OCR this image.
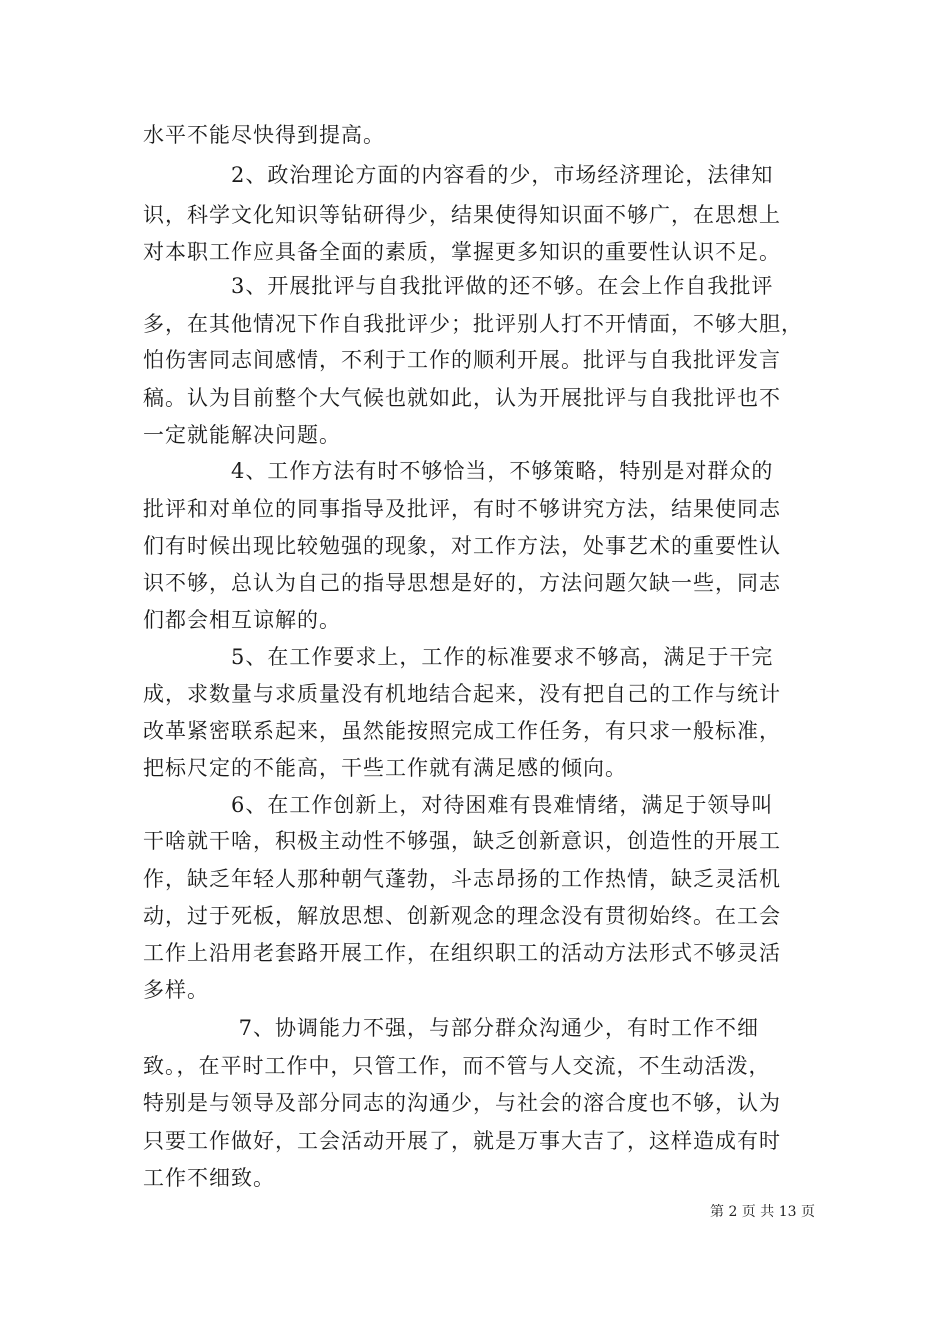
水平不能尽快得到提高。
　　　　2、政治理论方面的内容看的少，市场经济理论，法律知
识，科学文化知识等钻研得少，结果使得知识面不够广，在思想上
对本职工作应具备全面的素质，掌握更多知识的重要性认识不足。
　　　　3、开展批评与自我批评做的还不够。在会上作自我批评
多，在其他情况下作自我批评少；批评别人打不开情面，不够大胆，
怕伤害同志间感情，不利于工作的顺利开展。批评与自我批评发言
稿。认为目前整个大气候也就如此，认为开展批评与自我批评也不
一定就能解决问题。
　　　　4、工作方法有时不够恰当，不够策略，特别是对群众的
批评和对单位的同事指导及批评，有时不够讲究方法，结果使同志
们有时候出现比较勉强的现象，对工作方法，处事艺术的重要性认
识不够，总认为自己的指导思想是好的，方法问题欠缺一些，同志
们都会相互谅解的。
　　　　5、在工作要求上，工作的标准要求不够高，满足于干完
成，求数量与求质量没有机地结合起来，没有把自己的工作与统计
改革紧密联系起来，虽然能按照完成工作任务，有只求一般标准，
把标尺定的不能高，干些工作就有满足感的倾向。
　　　　6、在工作创新上，对待困难有畏难情绪，满足于领导叫
干啥就干啥，积极主动性不够强，缺乏创新意识，创造性的开展工
作，缺乏年轻人那种朝气蓬勃，斗志昂扬的工作热情，缺乏灵活机
动，过于死板，解放思想、创新观念的理念没有贯彻始终。在工会
工作上沿用老套路开展工作，在组织职工的活动方法形式不够灵活
多样。
　　　　 7、协调能力不强，与部分群众沟通少，有时工作不细
致。，在平时工作中，只管工作，而不管与人交流，不生动活泼，
特别是与领导及部分同志的沟通少，与社会的溶合度也不够，认为
只要工作做好，工会活动开展了，就是万事大吉了，这样造成有时
工作不细致。
第 2 页 共 13 页
